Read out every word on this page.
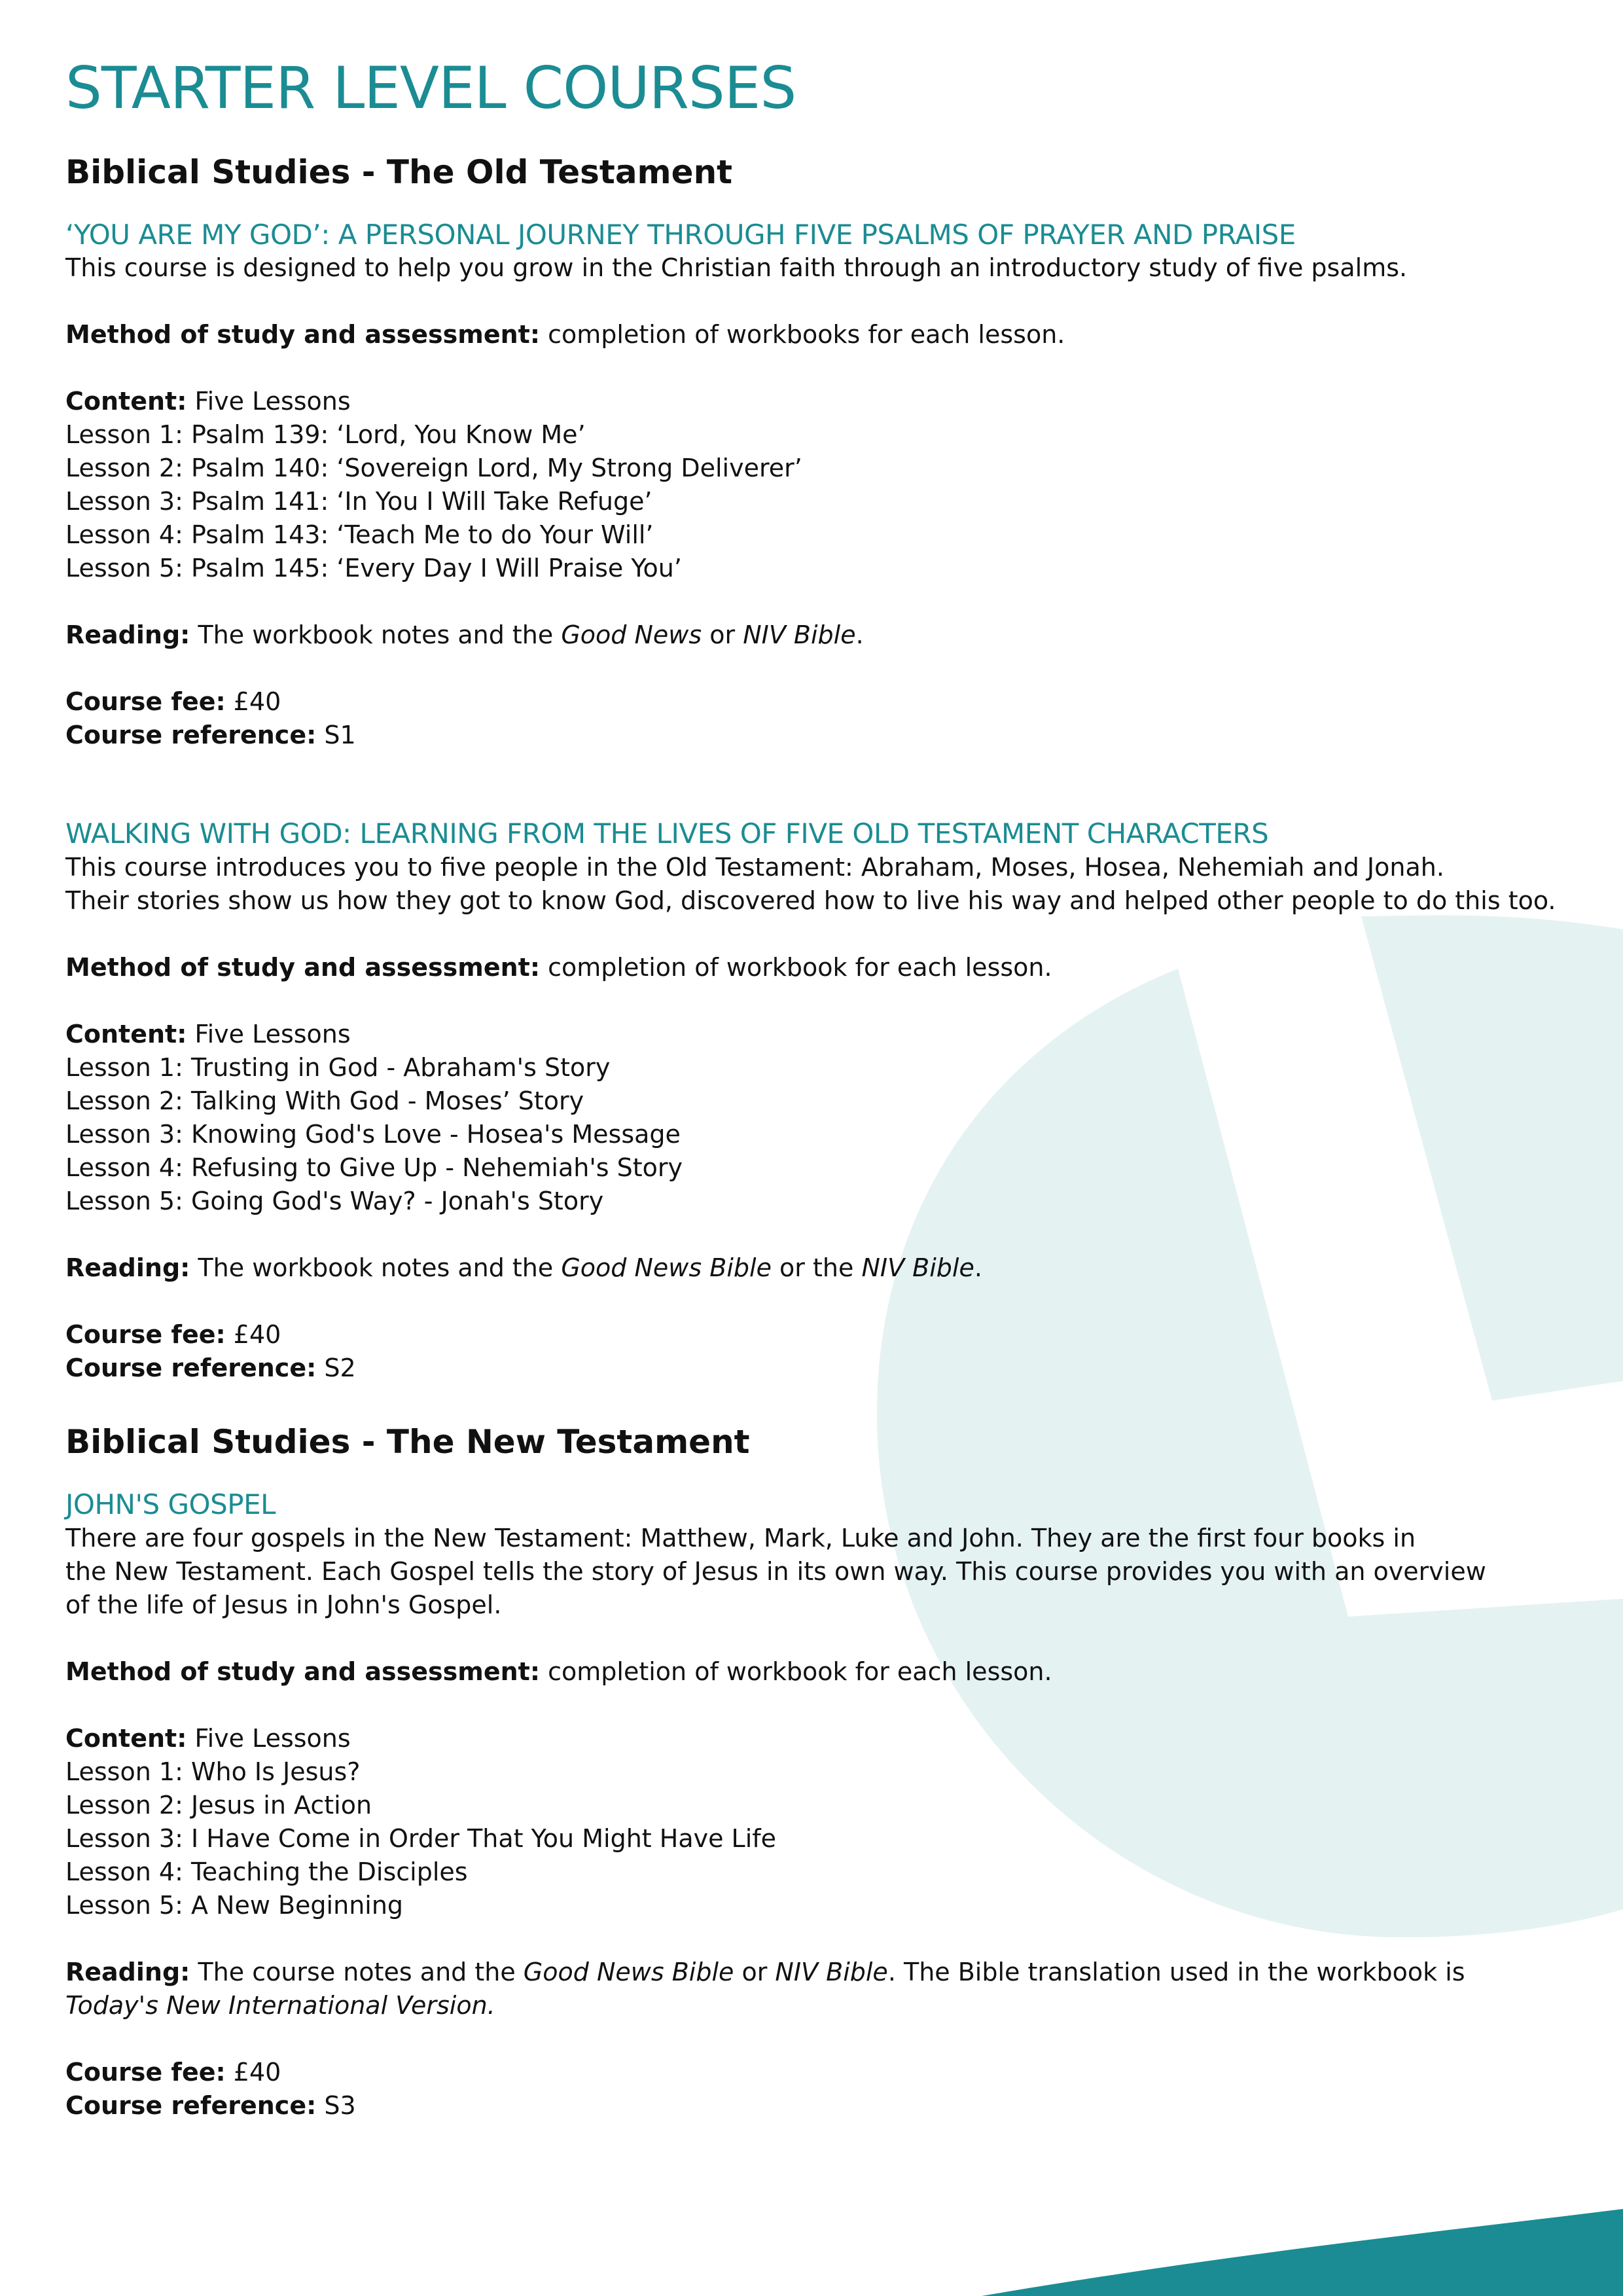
STARTER LEVEL COURSES
Biblical Studies - The Old Testament
‘YOU ARE MY GOD’: A PERSONAL JOURNEY THROUGH FIVE PSALMS OF PRAYER AND PRAISE

This course is designed to help you grow in the Christian faith through an introductory study of five psalms.

Method of study and assessment: completion of workbooks for each lesson.

Content: Five Lessons

Lesson 1: Psalm 139: ‘Lord, You Know Me’
Lesson 2: Psalm 140: ‘Sovereign Lord, My Strong Deliverer’
Lesson 3: Psalm 141: ‘In You I Will Take Refuge’
Lesson 4: Psalm 143: ‘Teach Me to do Your Will’
Lesson 5: Psalm 145: ‘Every Day I Will Praise You’

Reading: The workbook notes and the Good News or NIV Bible.

Course fee: £40

Course reference: S1

WALKING WITH GOD: LEARNING FROM THE LIVES OF FIVE OLD TESTAMENT CHARACTERS

This course introduces you to five people in the Old Testament: Abraham, Moses, Hosea, Nehemiah and Jonah.

Their stories show us how they got to know God, discovered how to live his way and helped other people to do this too.

Method of study and assessment: completion of workbook for each lesson.

Content: Five Lessons

Lesson 1: Trusting in God - Abraham's Story
Lesson 2: Talking With God - Moses’ Story
Lesson 3: Knowing God's Love - Hosea's Message
Lesson 4: Refusing to Give Up - Nehemiah's Story
Lesson 5: Going God's Way? - Jonah's Story

Reading: The workbook notes and the Good News Bible or the NIV Bible.

Course fee: £40

Course reference: S2

Biblical Studies - The New Testament
JOHN'S GOSPEL

There are four gospels in the New Testament: Matthew, Mark, Luke and John. They are the first four books in

the New Testament. Each Gospel tells the story of Jesus in its own way. This course provides you with an overview

of the life of Jesus in John's Gospel.

Method of study and assessment: completion of workbook for each lesson.

Content: Five Lessons

Lesson 1: Who Is Jesus?
Lesson 2: Jesus in Action
Lesson 3: I Have Come in Order That You Might Have Life
Lesson 4: Teaching the Disciples
Lesson 5: A New Beginning

Reading: The course notes and the Good News Bible or NIV Bible. The Bible translation used in the workbook is

Today's New International Version.

Course fee: £40

Course reference: S3
